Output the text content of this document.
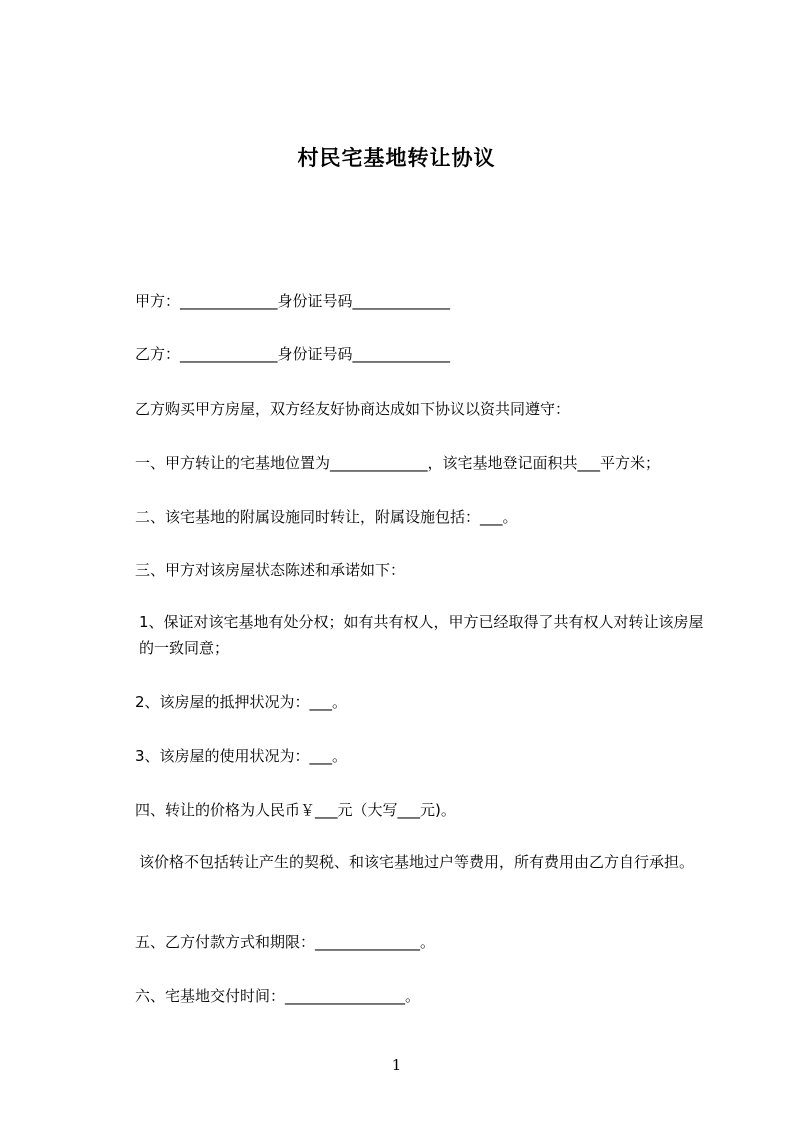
村民宅基地转让协议
甲方：_____________身份证号码_____________
乙方：_____________身份证号码_____________
乙方购买甲方房屋，双方经友好协商达成如下协议以资共同遵守：
一、甲方转让的宅基地位置为_____________，该宅基地登记面积共___平方米；
二、该宅基地的附属设施同时转让，附属设施包括：___。
三、甲方对该房屋状态陈述和承诺如下：
1、保证对该宅基地有处分权；如有共有权人，甲方已经取得了共有权人对转让该房屋的一致同意；
2、该房屋的抵押状况为：___。
3、该房屋的使用状况为：___。
四、转让的价格为人民币￥___元（大写___元)。
该价格不包括转让产生的契税、和该宅基地过户等费用，所有费用由乙方自行承担。
五、乙方付款方式和期限：______________。
六、宅基地交付时间：________________。
1
